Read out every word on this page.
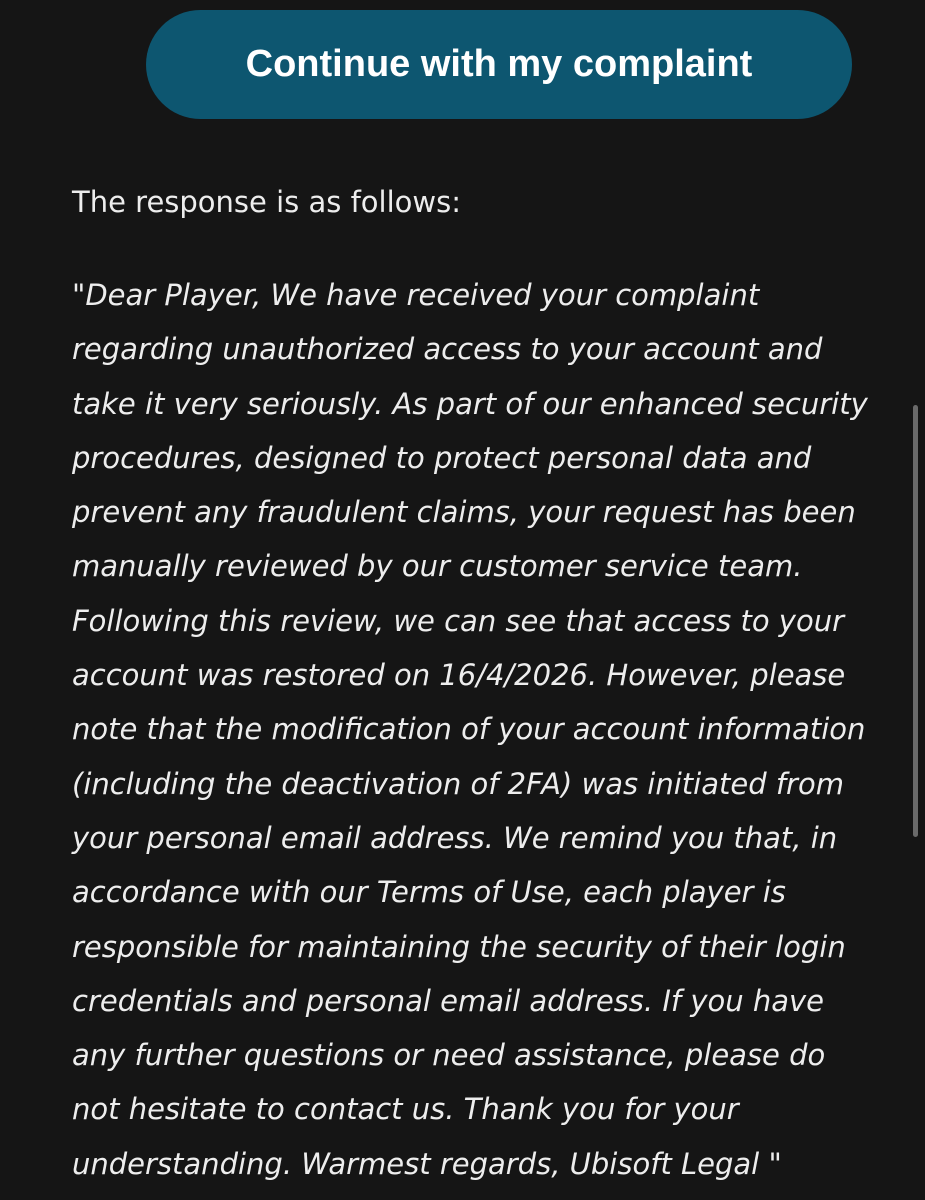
Continue with my complaint

The response is as follows:

"Dear Player, We have received your complaint
regarding unauthorized access to your account and
take it very seriously. As part of our enhanced security
procedures, designed to protect personal data and
prevent any fraudulent claims, your request has been
manually reviewed by our customer service team.
Following this review, we can see that access to your
account was restored on 16/4/2026. However, please
note that the modification of your account information
(including the deactivation of 2FA) was initiated from
your personal email address. We remind you that, in
accordance with our Terms of Use, each player is
responsible for maintaining the security of their login
credentials and personal email address. If you have
any further questions or need assistance, please do
not hesitate to contact us. Thank you for your
understanding. Warmest regards, Ubisoft Legal "
